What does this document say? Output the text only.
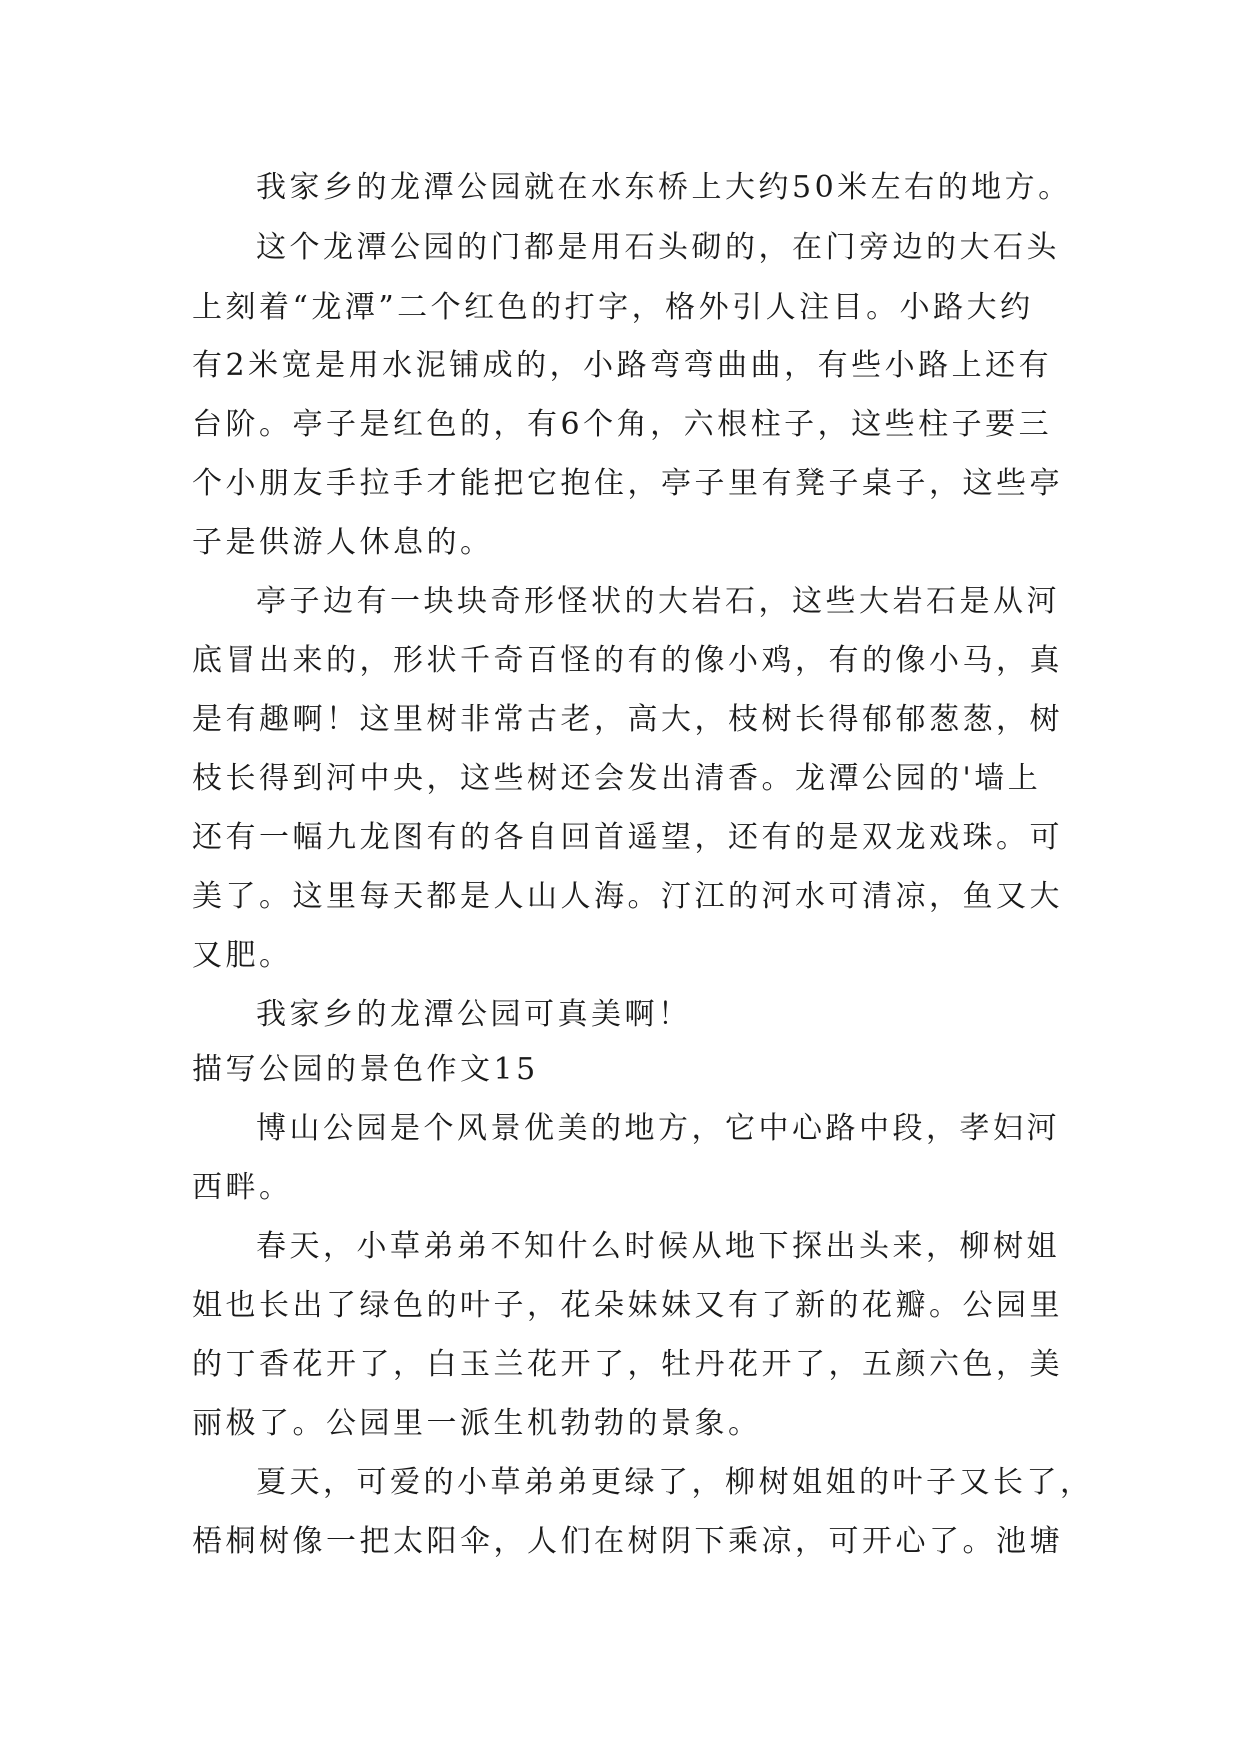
我家乡的龙潭公园就在水东桥上大约50米左右的地方。
这个龙潭公园的门都是用石头砌的，在门旁边的大石头
上刻着“龙潭”二个红色的打字，格外引人注目。小路大约
有2米宽是用水泥铺成的，小路弯弯曲曲，有些小路上还有
台阶。亭子是红色的，有6个角，六根柱子，这些柱子要三
个小朋友手拉手才能把它抱住，亭子里有凳子桌子，这些亭
子是供游人休息的。
亭子边有一块块奇形怪状的大岩石，这些大岩石是从河
底冒出来的，形状千奇百怪的有的像小鸡，有的像小马，真
是有趣啊！这里树非常古老，高大，枝树长得郁郁葱葱，树
枝长得到河中央，这些树还会发出清香。龙潭公园的'墙上
还有一幅九龙图有的各自回首遥望，还有的是双龙戏珠。可
美了。这里每天都是人山人海。汀江的河水可清凉，鱼又大
又肥。
我家乡的龙潭公园可真美啊！
描写公园的景色作文15
博山公园是个风景优美的地方，它中心路中段，孝妇河
西畔。
春天，小草弟弟不知什么时候从地下探出头来，柳树姐
姐也长出了绿色的叶子，花朵妹妹又有了新的花瓣。公园里
的丁香花开了，白玉兰花开了，牡丹花开了，五颜六色，美
丽极了。公园里一派生机勃勃的景象。
夏天，可爱的小草弟弟更绿了，柳树姐姐的叶子又长了，
梧桐树像一把太阳伞，人们在树阴下乘凉，可开心了。池塘
